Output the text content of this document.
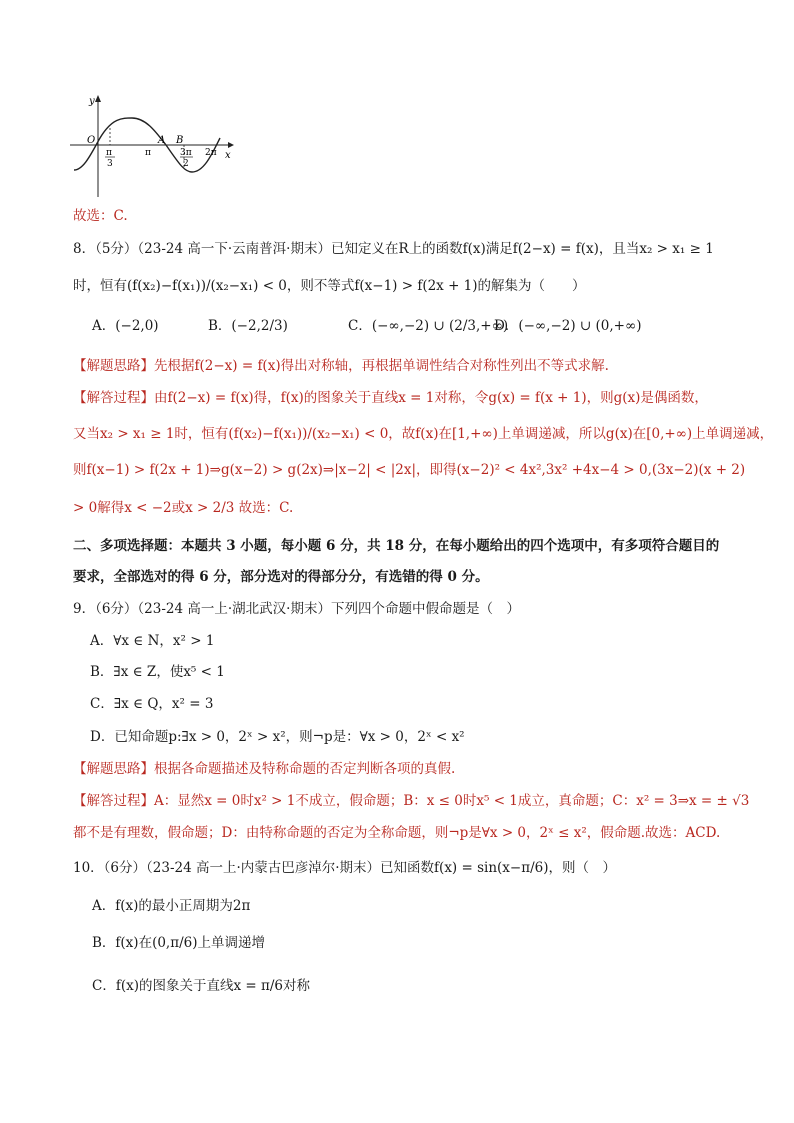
y
O	A B
x
π
3
π	3π
2
2π
故选：C.
8．（5分）（23-24 高一下·云南普洱·期末）已知定义在R上的函数f(x)满足f(2−x) = f(x)，且当x₂ > x₁ ≥ 1
时，恒有(f(x₂)−f(x₁))/(x₂−x₁) < 0，则不等式f(x−1) > f(2x + 1)的解集为（　　）
A．(−2,0)	B．(−2,2/3)	C．(−∞,−2) ∪ (2/3,+∞)
D．(−∞,−2) ∪ (0,+∞)
【解题思路】先根据f(2−x) = f(x)得出对称轴，再根据单调性结合对称性列出不等式求解.
【解答过程】由f(2−x) = f(x)得，f(x)的图象关于直线x = 1对称，令g(x) = f(x + 1)，则g(x)是偶函数，
又当x₂ > x₁ ≥ 1时，恒有(f(x₂)−f(x₁))/(x₂−x₁) < 0，故f(x)在[1,+∞)上单调递减，所以g(x)在[0,+∞)上单调递减，
则f(x−1) > f(2x + 1)⇒g(x−2) > g(2x)⇒|x−2| < |2x|，即得(x−2)² < 4x²,3x² +4x−4 > 0,(3x−2)(x + 2)
> 0解得x < −2或x > 2/3 故选：C.
二、多项选择题：本题共 3 小题，每小题 6 分，共 18 分，在每小题给出的四个选项中，有多项符合题目的
要求，全部选对的得 6 分，部分选对的得部分分，有选错的得 0 分。
9．（6分）（23-24 高一上·湖北武汉·期末）下列四个命题中假命题是（　）
A．∀x ∈ N，x² > 1
B．∃x ∈ Z，使x⁵ < 1
C．∃x ∈ Q，x² = 3
D．已知命题p:∃x > 0，2ˣ > x²，则¬p是：∀x > 0，2ˣ < x²
【解题思路】根据各命题描述及特称命题的否定判断各项的真假.
【解答过程】A：显然x = 0时x² > 1不成立，假命题；B：x ≤ 0时x⁵ < 1成立，真命题；C：x² = 3⇒x = ± √3
都不是有理数，假命题；D：由特称命题的否定为全称命题，则¬p是∀x > 0，2ˣ ≤ x²，假命题.故选：ACD.
10．（6分）（23-24 高一上·内蒙古巴彦淖尔·期末）已知函数f(x) = sin(x−π/6)，则（　）
A．f(x)的最小正周期为2π
B．f(x)在(0,π/6)上单调递增
C．f(x)的图象关于直线x = π/6对称
